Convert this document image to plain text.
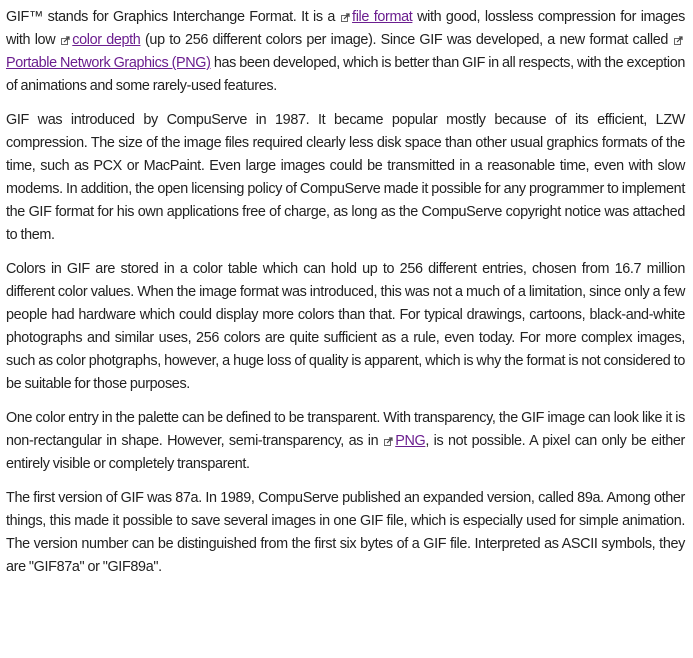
GIF™ stands for Graphics Interchange Format. It is a file format with good, lossless compression for images with low color depth (up to 256 different colors per image). Since GIF was developed, a new format called
Portable Network Graphics (PNG) has been developed, which is better than GIF in all respects, with the exception of animations and some rarely-used features.

GIF was introduced by CompuServe in 1987. It became popular mostly because of its efficient, LZW compression. The size of the image files required clearly less disk space than other usual graphics formats of the time, such as PCX or MacPaint. Even large images could be transmitted in a reasonable time, even with slow modems. In addition, the open licensing policy of CompuServe made it possible for any programmer to implement the GIF format for his own applications free of charge, as long as the CompuServe copyright notice was attached to them.

Colors in GIF are stored in a color table which can hold up to 256 different entries, chosen from 16.7 million different color values. When the image format was introduced, this was not a much of a limitation, since only a few people had hardware which could display more colors than that. For typical drawings, cartoons, black-and-white photographs and similar uses, 256 colors are quite sufficient as a rule, even today. For more complex images, such as color photgraphs, however, a huge loss of quality is apparent, which is why the format is not considered to be suitable for those purposes.

One color entry in the palette can be defined to be transparent. With transparency, the GIF image can look like it is non-rectangular in shape. However, semi-transparency, as in PNG, is not possible. A pixel can only be either entirely visible or completely transparent.

The first version of GIF was 87a. In 1989, CompuServe published an expanded version, called 89a. Among other things, this made it possible to save several images in one GIF file, which is especially used for simple animation. The version number can be distinguished from the first six bytes of a GIF file. Interpreted as ASCII symbols, they are "GIF87a" or "GIF89a".
